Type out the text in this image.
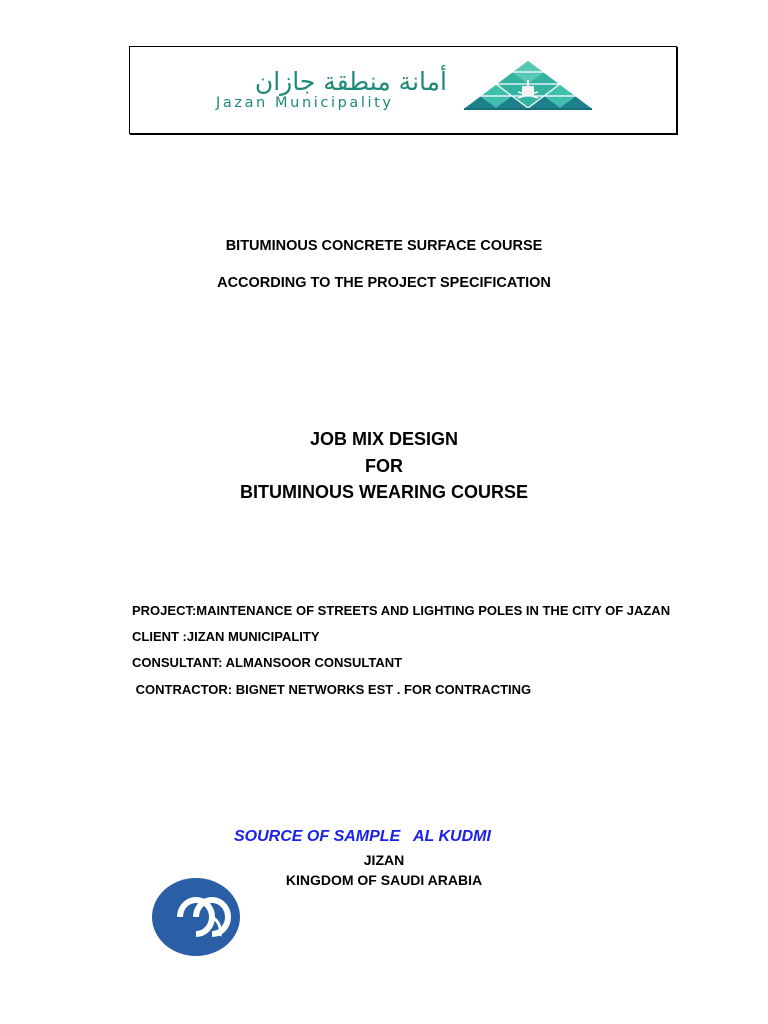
أمانة منطقة جازان
Jazan Municipality
BITUMINOUS CONCRETE SURFACE COURSE
ACCORDING TO THE PROJECT SPECIFICATION
JOB MIX DESIGN
FOR
BITUMINOUS WEARING COURSE
PROJECT:MAINTENANCE OF STREETS AND LIGHTING POLES IN THE CITY OF JAZAN
CLIENT :JIZAN MUNICIPALITY
CONSULTANT: ALMANSOOR CONSULTANT
CONTRACTOR: BIGNET NETWORKS EST . FOR CONTRACTING
SOURCE OF SAMPLE   AL KUDMI
JIZAN
KINGDOM OF SAUDI ARABIA
